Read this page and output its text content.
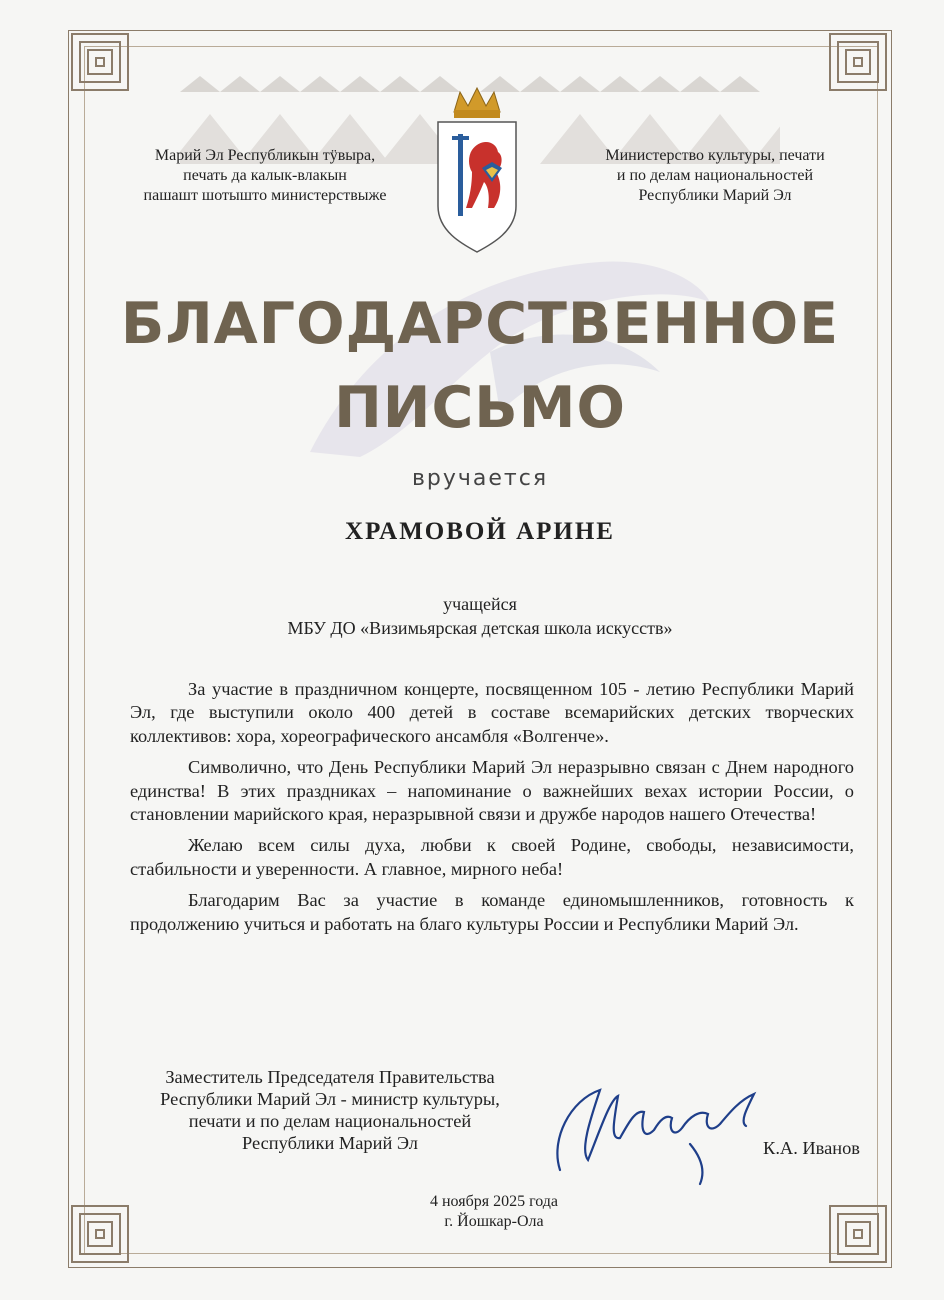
Марий Эл Республикын тӱвыра,
печать да калык-влакын
пашашт шотыштo министерствыже
Министерство культуры, печати
и по делам национальностей
Республики Марий Эл
БЛАГОДАРСТВЕННОЕ
ПИСЬМО
вручается
ХРАМОВОЙ АРИНЕ
учащейся
МБУ ДО «Визимьярская детская школа искусств»

За участие в праздничном концерте, посвященном 105 - летию Республики Марий Эл, где выступили около 400 детей в составе всемарийских детских творческих коллективов: хора, хореографического ансамбля «Волгенче».

Символично, что День Республики Марий Эл неразрывно связан с Днем народного единства! В этих праздниках – напоминание о важнейших вехах истории России, о становлении марийского края, неразрывной связи и дружбе народов нашего Отечества!

Желаю всем силы духа, любви к своей Родине, свободы, независимости, стабильности и уверенности. А главное, мирного неба!

Благодарим Вас за участие в команде единомышленников, готовность к продолжению учиться и работать на благо культуры России и Республики Марий Эл.

Заместитель Председателя Правительства
Республики Марий Эл - министр культуры,
печати и по делам национальностей
Республики Марий Эл	К.А. Иванов
4 ноября 2025 года
г. Йошкар-Ола
